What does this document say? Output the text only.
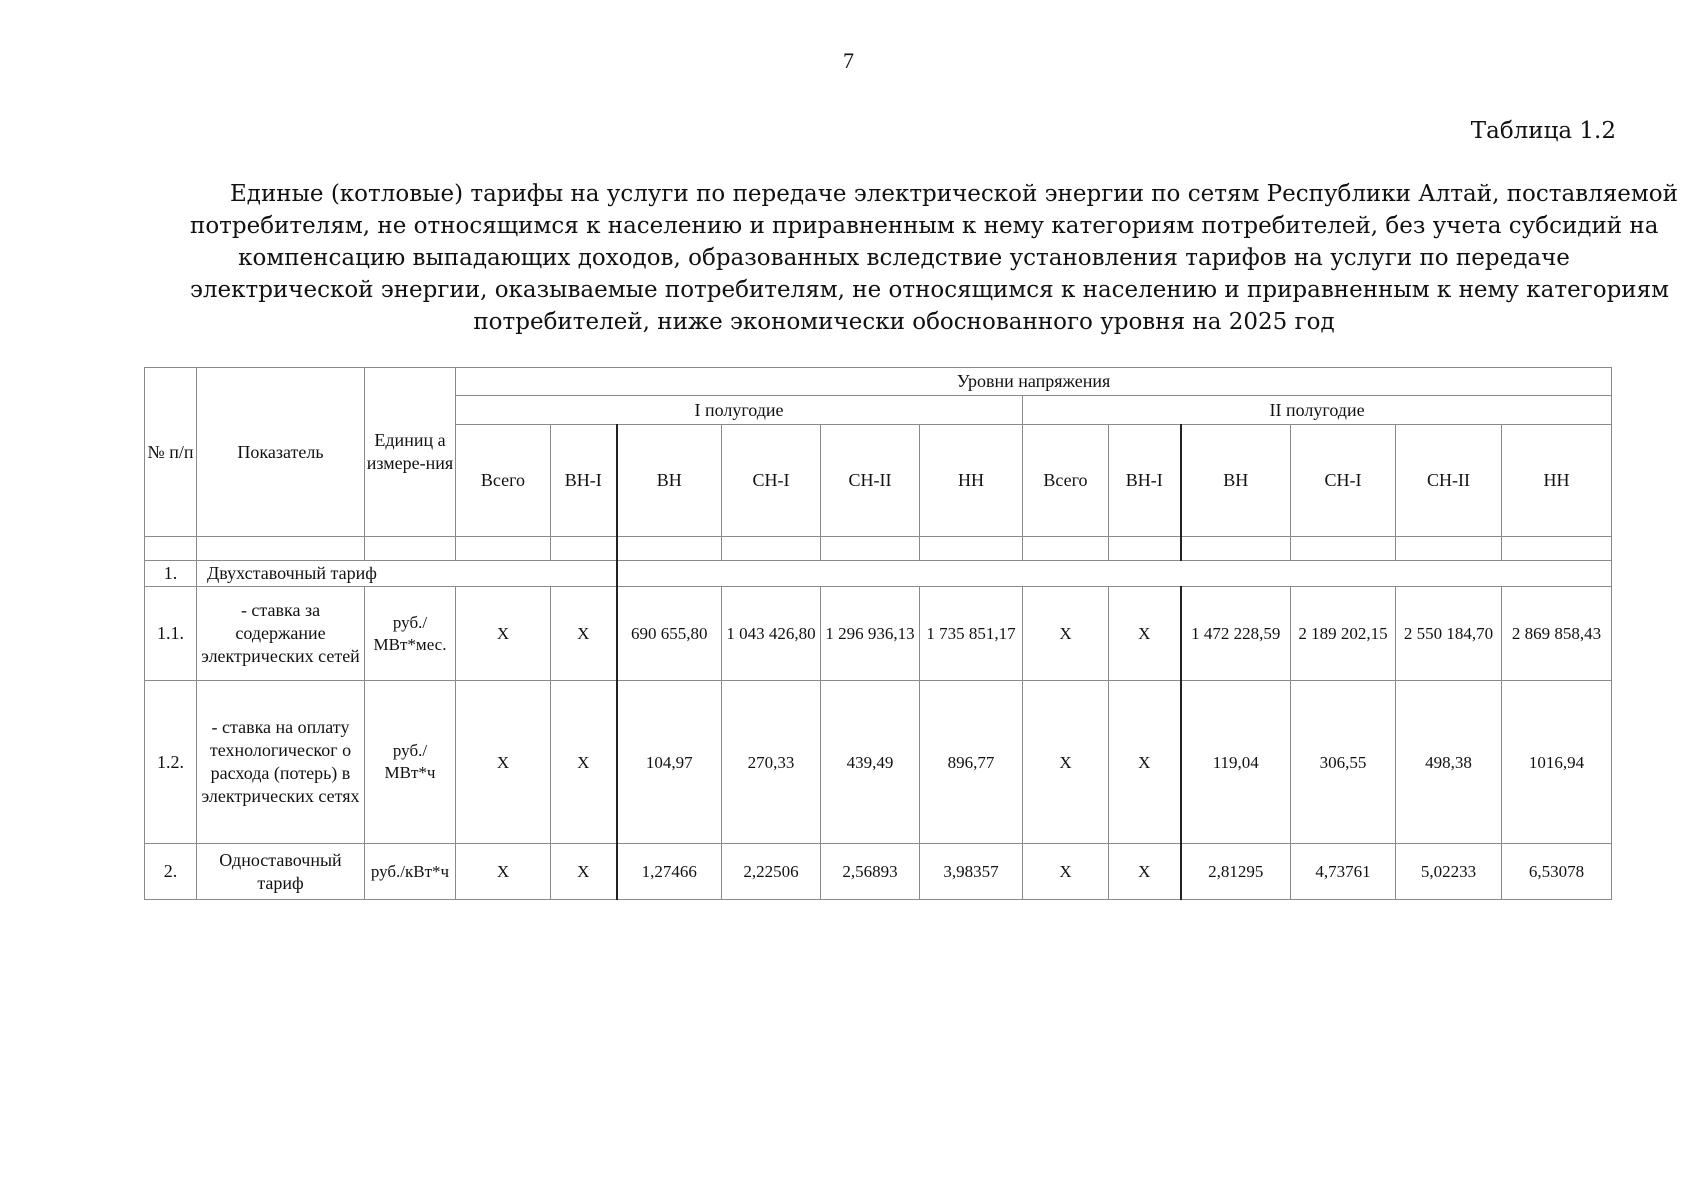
7
Таблица 1.2
Единые (котловые) тарифы на услуги по передаче электрической энергии по сетям Республики Алтай, поставляемой
потребителям, не относящимся к населению и приравненным к нему категориям потребителей, без учета субсидий на
компенсацию выпадающих доходов, образованных вследствие установления тарифов на услуги по передаче
электрической энергии, оказываемые потребителям, не относящимся к населению и приравненным к нему категориям
потребителей, ниже экономически обоснованного уровня на 2025 год
№ п/п	Показатель	Единиц а измере-ния	Уровни напряжения											
			I полугодие						II полугодие					
			Всего	ВН-I	ВН	СН-I	СН-II	НН	Всего	ВН-I	ВН	СН-I	СН-II	НН

1.	Двухставочный тариф													
1.1.	- ставка за содержание электрических сетей	руб./ МВт*мес.	X	X	690 655,80	1 043 426,80	1 296 936,13	1 735 851,17	X	X	1 472 228,59	2 189 202,15	2 550 184,70	2 869 858,43
1.2.	- ставка на оплату технологическог о расхода (потерь) в электрических сетях	руб./ МВт*ч	X	X	104,97	270,33	439,49	896,77	X	X	119,04	306,55	498,38	1016,94
2.	Одноставочный тариф	руб./кВт*ч	X	X	1,27466	2,22506	2,56893	3,98357	X	X	2,81295	4,73761	5,02233	6,53078
